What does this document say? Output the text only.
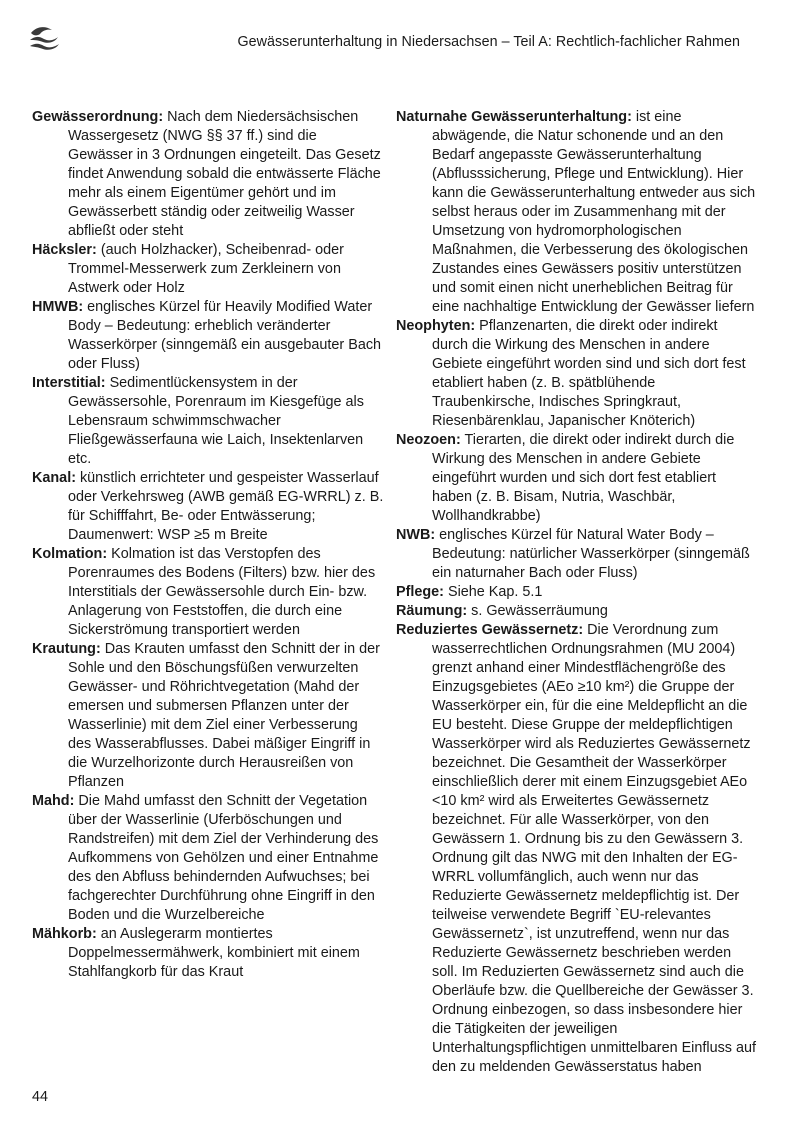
Gewässerunterhaltung in Niedersachsen – Teil A: Rechtlich-fachlicher Rahmen

Gewässerordnung: Nach dem Niedersächsischen Wassergesetz (NWG §§ 37 ff.) sind die Gewässer in 3 Ordnungen eingeteilt. Das Gesetz findet Anwendung sobald die entwässerte Fläche mehr als einem Eigentümer gehört und im Gewässerbett ständig oder zeitweilig Wasser abfließt oder steht

Häcksler: (auch Holzhacker), Scheibenrad- oder Trommel-Messerwerk zum Zerkleinern von Astwerk oder Holz

HMWB: englisches Kürzel für Heavily Modified Water Body – Bedeutung: erheblich veränderter Wasserkörper (sinngemäß ein ausgebauter Bach oder Fluss)

Interstitial: Sedimentlückensystem in der Gewässersohle, Porenraum im Kiesgefüge als Lebensraum schwimmschwacher Fließgewässerfauna wie Laich, Insektenlarven etc.

Kanal: künstlich errichteter und gespeister Wasserlauf oder Verkehrsweg (AWB gemäß EG-WRRL) z. B. für Schifffahrt, Be- oder Entwässerung; Daumenwert: WSP ≥5 m Breite

Kolmation: Kolmation ist das Verstopfen des Porenraumes des Bodens (Filters) bzw. hier des Interstitials der Gewässersohle durch Ein- bzw. Anlagerung von Feststoffen, die durch eine Sickerströmung transportiert werden

Krautung: Das Krauten umfasst den Schnitt der in der Sohle und den Böschungsfüßen verwurzelten Gewässer- und Röhrichtvegetation (Mahd der emersen und submersen Pflanzen unter der Wasserlinie) mit dem Ziel einer Verbesserung des Wasserabflusses. Dabei mäßiger Eingriff in die Wurzelhorizonte durch Herausreißen von Pflanzen

Mahd: Die Mahd umfasst den Schnitt der Vegetation über der Wasserlinie (Uferböschungen und Randstreifen) mit dem Ziel der Verhinderung des Aufkommens von Gehölzen und einer Entnahme des den Abfluss behindernden Aufwuchses; bei fachgerechter Durchführung ohne Eingriff in den Boden und die Wurzelbereiche

Mähkorb: an Auslegerarm montiertes Doppelmessermähwerk, kombiniert mit einem Stahlfangkorb für das Kraut

Naturnahe Gewässerunterhaltung: ist eine abwägende, die Natur schonende und an den Bedarf angepasste Gewässerunterhaltung (Abflusssicherung, Pflege und Entwicklung). Hier kann die Gewässerunterhaltung entweder aus sich selbst heraus oder im Zusammenhang mit der Umsetzung von hydromorphologischen Maßnahmen, die Verbesserung des ökologischen Zustandes eines Gewässers positiv unterstützen und somit einen nicht unerheblichen Beitrag für eine nachhaltige Entwicklung der Gewässer liefern

Neophyten: Pflanzenarten, die direkt oder indirekt durch die Wirkung des Menschen in andere Gebiete eingeführt worden sind und sich dort fest etabliert haben (z. B. spätblühende Traubenkirsche, Indisches Springkraut, Riesenbärenklau, Japanischer Knöterich)

Neozoen: Tierarten, die direkt oder indirekt durch die Wirkung des Menschen in andere Gebiete eingeführt wurden und sich dort fest etabliert haben (z. B. Bisam, Nutria, Waschbär, Wollhandkrabbe)

NWB: englisches Kürzel für Natural Water Body – Bedeutung: natürlicher Wasserkörper (sinngemäß ein naturnaher Bach oder Fluss)

Pflege: Siehe Kap. 5.1

Räumung: s. Gewässerräumung

Reduziertes Gewässernetz: Die Verordnung zum wasserrechtlichen Ordnungsrahmen (MU 2004) grenzt anhand einer Mindestflächengröße des Einzugsgebietes (AEo ≥10 km²) die Gruppe der Wasserkörper ein, für die eine Meldepflicht an die EU besteht. Diese Gruppe der meldepflichtigen Wasserkörper wird als Reduziertes Gewässernetz bezeichnet. Die Gesamtheit der Wasserkörper einschließlich derer mit einem Einzugsgebiet AEo <10 km² wird als Erweitertes Gewässernetz bezeichnet. Für alle Wasserkörper, von den Gewässern 1. Ordnung bis zu den Gewässern 3. Ordnung gilt das NWG mit den Inhalten der EG-WRRL vollumfänglich, auch wenn nur das Reduzierte Gewässernetz meldepflichtig ist. Der teilweise verwendete Begriff `EU-relevantes Gewässernetz`, ist unzutreffend, wenn nur das Reduzierte Gewässernetz beschrieben werden soll. Im Reduzierten Gewässernetz sind auch die Oberläufe bzw. die Quellbereiche der Gewässer 3. Ordnung einbezogen, so dass insbesondere hier die Tätigkeiten der jeweiligen Unterhaltungspflichtigen unmittelbaren Einfluss auf den zu meldenden Gewässerstatus haben

44
